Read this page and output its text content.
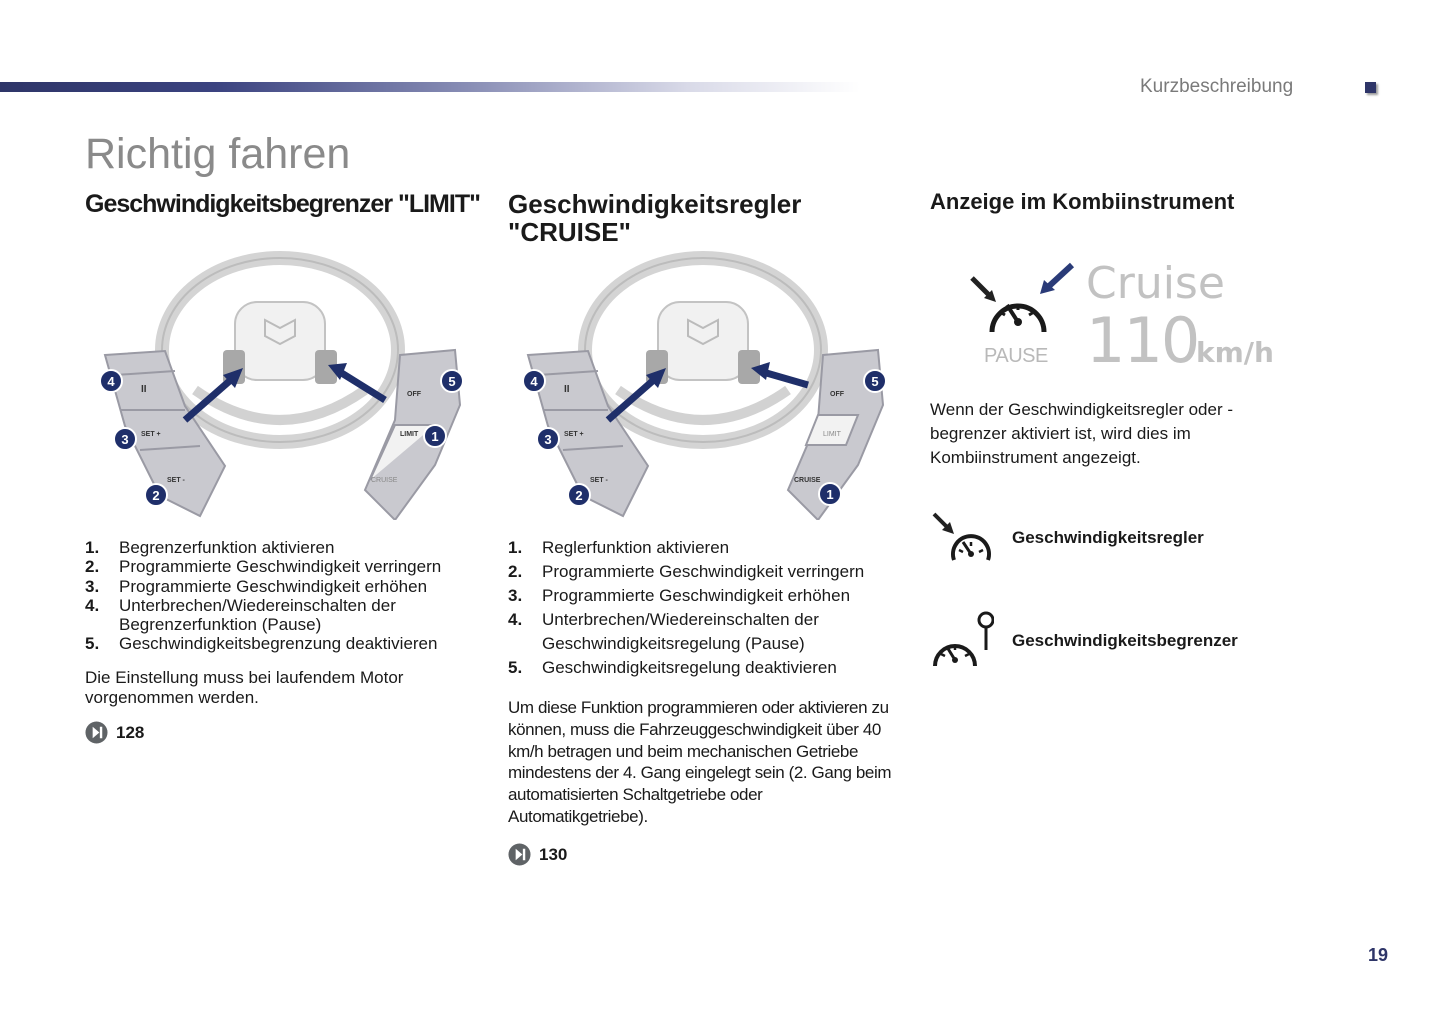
Kurzbeschreibung
Richtig fahren
Geschwindigkeitsbegrenzer "LIMIT"
II
SET +
SET -
OFF
LIMIT
CRUISE
4
3
2
5
1
1.	Begrenzerfunktion aktivieren
2.	Programmierte Geschwindigkeit verringern
3.	Programmierte Geschwindigkeit erhöhen
4.	Unterbrechen/Wiedereinschalten der Begrenzerfunktion (Pause)
5.	Geschwindigkeitsbegrenzung deaktivieren
Die Einstellung muss bei laufendem Motor vorgenommen werden.
128
Geschwindigkeitsregler "CRUISE"
II
SET +
SET -
OFF
LIMIT
CRUISE
4
3
2
5
1
1.	Reglerfunktion aktivieren
2.	Programmierte Geschwindigkeit verringern
3.	Programmierte Geschwindigkeit erhöhen
4.	Unterbrechen/Wiedereinschalten der Geschwindigkeitsregelung (Pause)
5.	Geschwindigkeitsregelung deaktivieren
Um diese Funktion programmieren oder aktivieren zu können, muss die Fahrzeuggeschwindigkeit über 40 km/h betragen und beim mechanischen Getriebe mindestens der 4. Gang eingelegt sein (2. Gang beim automatisierten Schaltgetriebe oder Automatikgetriebe).
130
Anzeige im Kombiinstrument
PAUSE
Cruise
110
km/h
Wenn der Geschwindigkeitsregler oder -begrenzer aktiviert ist, wird dies im Kombiinstrument angezeigt.
Geschwindigkeitsregler
Geschwindigkeitsbegrenzer
19
